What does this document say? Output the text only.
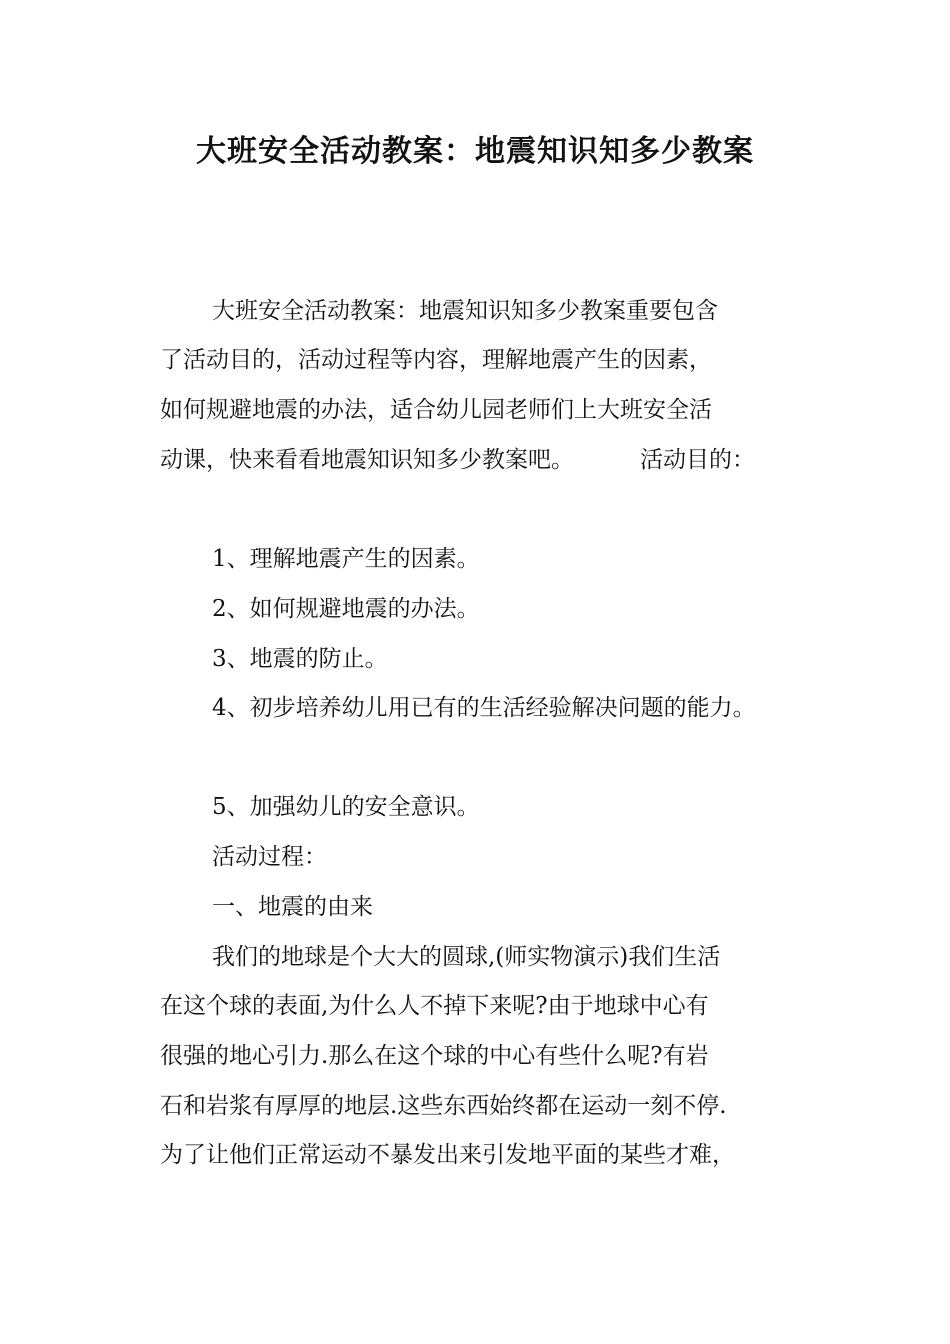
大班安全活动教案：地震知识知多少教案

大班安全活动教案：地震知识知多少教案重要包含

了活动目的，活动过程等内容，理解地震产生的因素，

如何规避地震的办法，适合幼儿园老师们上大班安全活

动课，快来看看地震知识知多少教案吧。	活动目的：

1、理解地震产生的因素。

2、如何规避地震的办法。

3、地震的防止。

4、初步培养幼儿用已有的生活经验解决问题的能力。

5、加强幼儿的安全意识。

活动过程：

一、地震的由来

我们的地球是个大大的圆球,(师实物演示)我们生活

在这个球的表面,为什么人不掉下来呢?由于地球中心有

很强的地心引力.那么在这个球的中心有些什么呢?有岩

石和岩浆有厚厚的地层.这些东西始终都在运动一刻不停.

为了让他们正常运动不暴发出来引发地平面的某些才难，
